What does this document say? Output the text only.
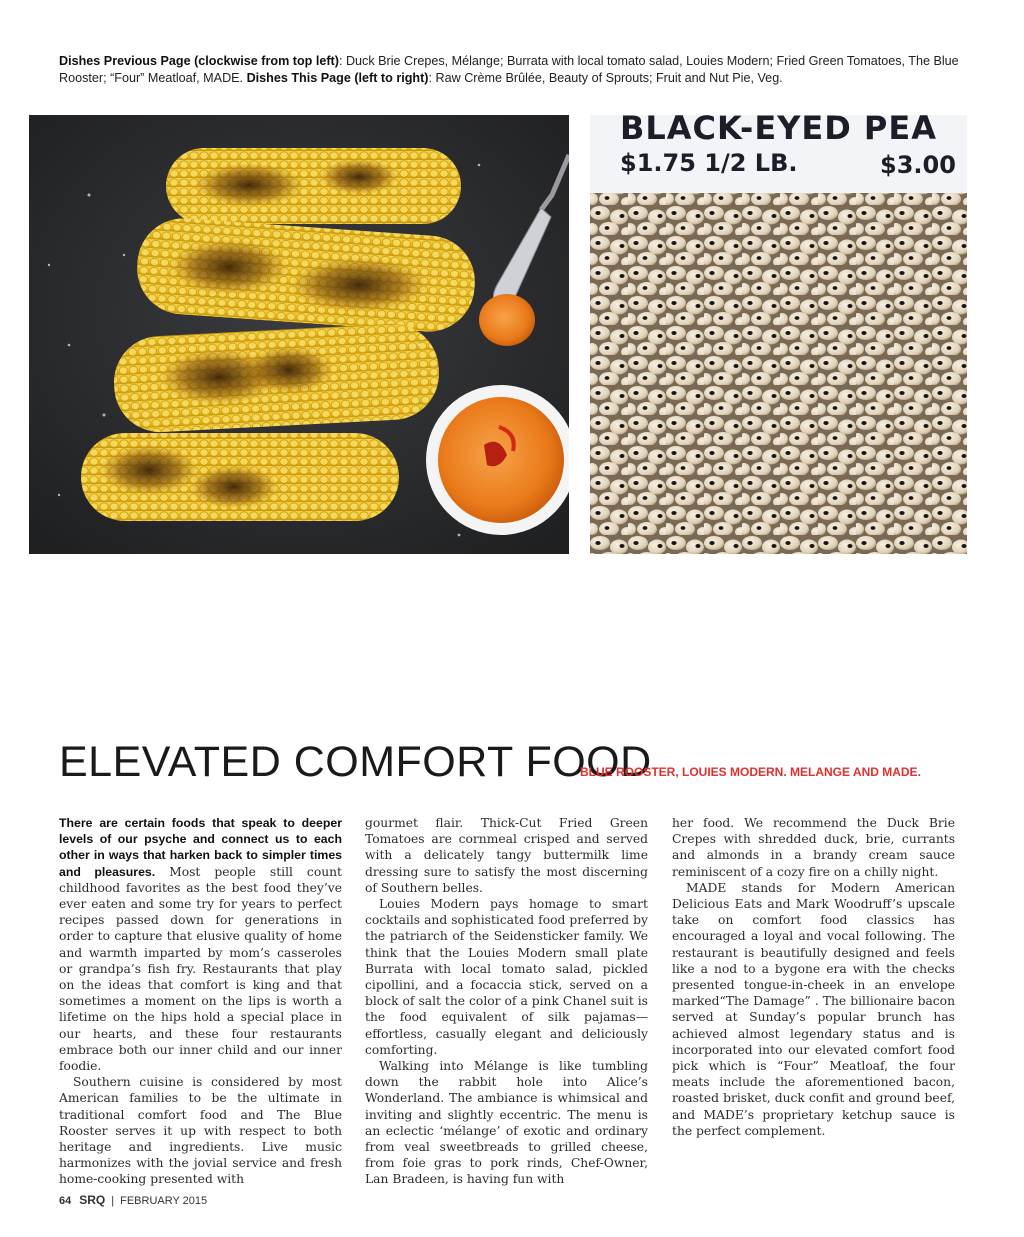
Dishes Previous Page (clockwise from top left): Duck Brie Crepes, Mélange; Burrata with local tomato salad, Louies Modern; Fried Green Tomatoes, The Blue Rooster; “Four” Meatloaf, MADE. Dishes This Page (left to right): Raw Crème Brûlée, Beauty of Sprouts; Fruit and Nut Pie, Veg.
BLACK-EYED PEA
$1.75 1/2 LB.	$3.00
ELEVATED COMFORT FOOD
BLUE ROOSTER, LOUIES MODERN. MELANGE AND MADE.

There are certain foods that speak to deeper levels of our psyche and connect us to each other in ways that harken back to simpler times and pleasures. Most people still count childhood favorites as the best food they’ve ever eaten and some try for years to perfect recipes passed down for generations in order to capture that elusive quality of home and warmth imparted by mom’s casseroles or grandpa’s fish fry. Restaurants that play on the ideas that comfort is king and that sometimes a moment on the lips is worth a lifetime on the hips hold a special place in our hearts, and these four restaurants embrace both our inner child and our inner foodie.

Southern cuisine is considered by most American families to be the ultimate in traditional comfort food and The Blue Rooster serves it up with respect to both heritage and ingredients. Live music harmonizes with the jovial service and fresh home-cooking presented with

gourmet flair. Thick-Cut Fried Green Tomatoes are cornmeal crisped and served with a delicately tangy buttermilk lime dressing sure to satisfy the most discerning of Southern belles.

Louies Modern pays homage to smart cocktails and sophisticated food preferred by the patriarch of the Seidensticker family. We think that the Louies Modern small plate Burrata with local tomato salad, pickled cipollini, and a focaccia stick, served on a block of salt the color of a pink Chanel suit is the food equivalent of silk pajamas—effortless, casually elegant and deliciously comforting.

Walking into Mélange is like tumbling down the rabbit hole into Alice’s Wonderland. The ambiance is whimsical and inviting and slightly eccentric. The menu is an eclectic ‘mélange’ of exotic and ordinary from veal sweetbreads to grilled cheese, from foie gras to pork rinds, Chef-Owner, Lan Bradeen, is having fun with

her food. We recommend the Duck Brie Crepes with shredded duck, brie, currants and almonds in a brandy cream sauce reminiscent of a cozy fire on a chilly night.

MADE stands for Modern American Delicious Eats and Mark Woodruff’s upscale take on comfort food classics has encouraged a loyal and vocal following. The restaurant is beautifully designed and feels like a nod to a bygone era with the checks presented tongue-in-cheek in an envelope marked“The Damage” . The billionaire bacon served at Sunday’s popular brunch has achieved almost legendary status and is incorporated into our elevated comfort food pick which is “Four” Meatloaf, the four meats include the aforementioned bacon, roasted brisket, duck confit and ground beef, and MADE’s proprietary ketchup sauce is the perfect complement.

64 SRQ | FEBRUARY 2015
